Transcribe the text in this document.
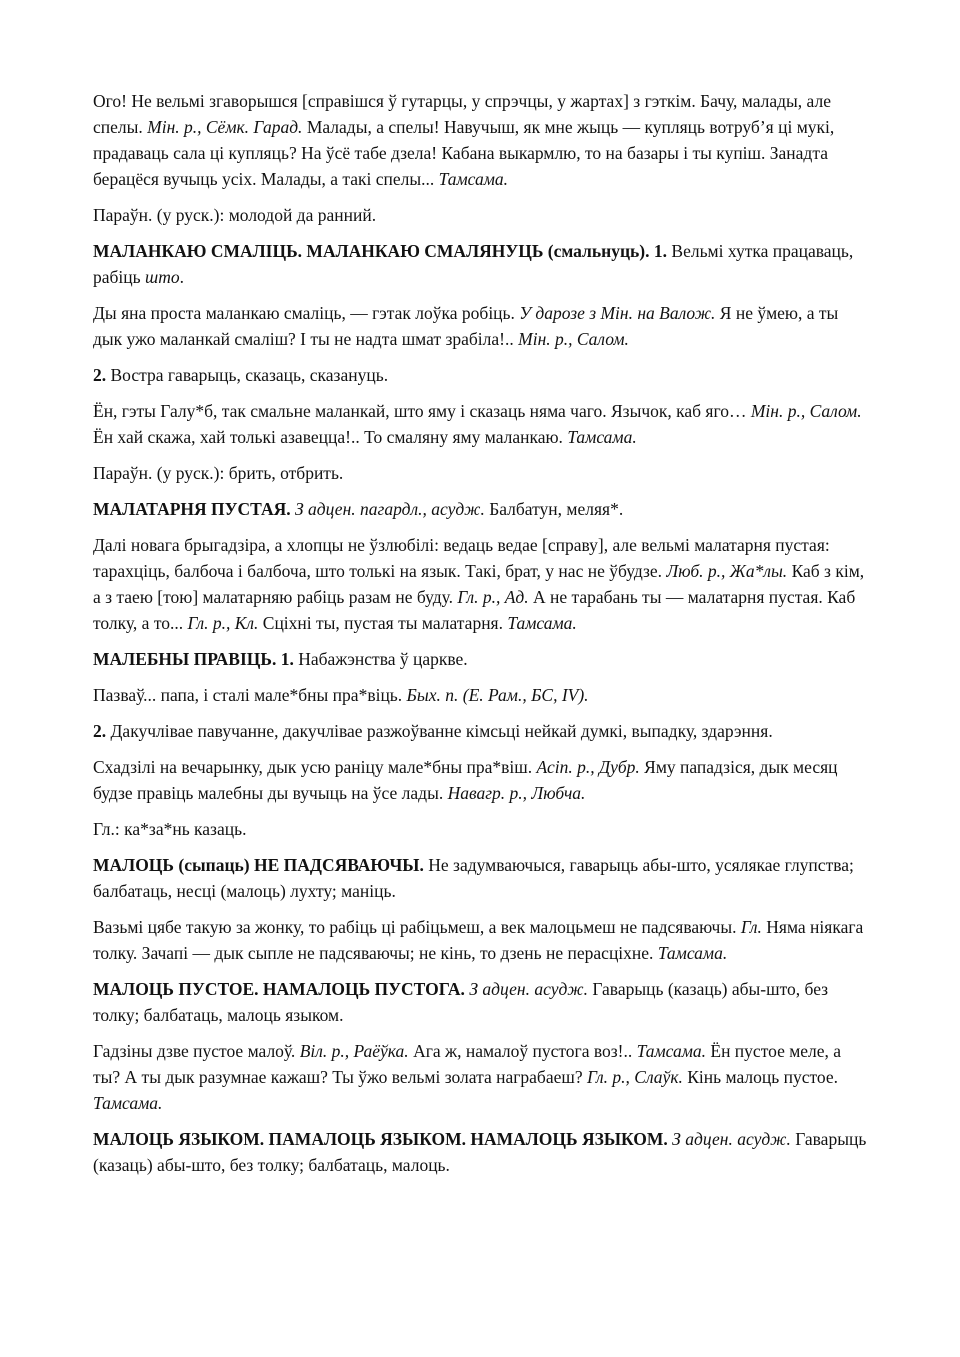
Ого! Не вельмі згаворышся [справішся ў гутарцы, у спрэчцы, у жартах] з гэткім. Бачу, малады, але спелы. Мін. р., Сёмк. Гарад. Малады, а спелы! Навучыш, як мне жыць — купляць вотруб’я ці мукі, прадаваць сала ці купляць? На ўсё табе дзела! Кабана выкармлю, то на базары і ты купіш. Занадта берацёся вучыць усіх. Малады, а такі спелы... Тамсама.

Параўн. (у руск.): молодой да ранний.

МАЛАНКАЮ СМАЛІЦЬ. МАЛАНКАЮ СМАЛЯНУЦЬ (смальнуць). 1. Вельмі хутка працаваць, рабіць што.

Ды яна проста маланкаю смаліць, — гэтак лоўка робіць. У дарозе з Мін. на Валож. Я не ўмею, а ты дык ужо маланкай смаліш? І ты не надта шмат зрабіла!.. Мін. р., Салом.

2. Востра гаварыць, сказаць, сказануць.

Ён, гэты Галу*б, так смальне маланкай, што яму і сказаць няма чаго. Язычок, каб яго… Мін. р., Салом. Ён хай скажа, хай толькі азавецца!.. То смаляну яму маланкаю. Тамсама.

Параўн. (у руск.): брить, отбрить.

МАЛАТАРНЯ ПУСТАЯ. З адцен. пагардл., асудж. Балбатун, меляя*.

Далі новага брыгадзіра, а хлопцы не ўзлюбілі: ведаць ведае [справу], але вельмі малатарня пустая: тарахціць, балбоча і балбоча, што толькі на язык. Такі, брат, у нас не ўбудзе. Люб. р., Жа*лы. Каб з кім, а з таею [тою] малатарняю рабіць разам не буду. Гл. р., Ад. А не тарабань ты — малатарня пустая. Каб толку, а то... Гл. р., Кл. Сціхні ты, пустая ты малатарня. Тамсама.

МАЛЕБНЫ ПРАВІЦЬ. 1. Набажэнства ў царкве.

Пазваў... папа, і сталі мале*бны пра*віць. Бых. п. (Е. Рам., БС, IV).

2. Дакучлівае павучанне, дакучлівае разжоўванне кімсьці нейкай думкі, выпадку, здарэння.

Схадзілі на вечарынку, дык усю раніцу мале*бны пра*віш. Асіп. р., Дубр. Яму пападзіся, дык месяц будзе правіць малебны ды вучыць на ўсе лады. Навагр. р., Любча.

Гл.: ка*за*нь казаць.

МАЛОЦЬ (сыпаць) НЕ ПАДСЯВАЮЧЫ. Не задумваючыся, гаварыць абы-што, усялякае глупства; балбатаць, несці (малоць) лухту; маніць.

Вазьмі цябе такую за жонку, то рабіць ці рабіцьмеш, а век малоцьмеш не падсяваючы. Гл. Няма ніякага толку. Зачапі — дык сыпле не падсяваючы; не кінь, то дзень не перасціхне. Тамсама.

МАЛОЦЬ ПУСТОЕ. НАМАЛОЦЬ ПУСТОГА. З адцен. асудж. Гаварыць (казаць) абы-што, без толку; балбатаць, малоць языком.

Гадзіны дзве пустое малоў. Віл. р., Раёўка. Ага ж, намалоў пустога воз!.. Тамсама. Ён пустое меле, а ты? А ты дык разумнае кажаш? Ты ўжо вельмі золата награбаеш? Гл. р., Слаўк. Кінь малоць пустое. Тамсама.

МАЛОЦЬ ЯЗЫКОМ. ПАМАЛОЦЬ ЯЗЫКОМ. НАМАЛОЦЬ ЯЗЫКОМ. З адцен. асудж. Гаварыць (казаць) абы-што, без толку; балбатаць, малоць.
